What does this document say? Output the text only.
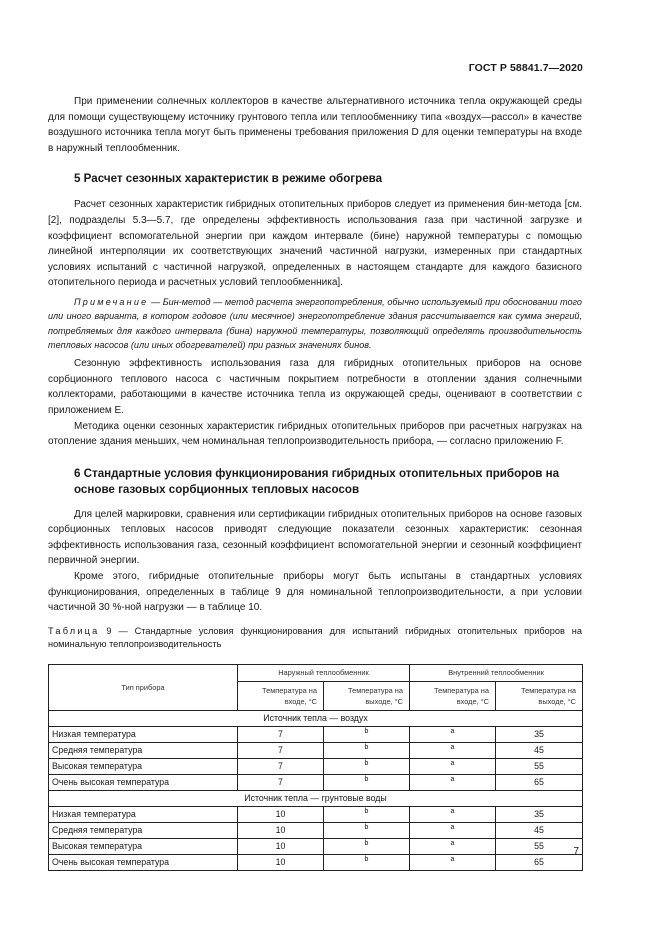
ГОСТ Р 58841.7—2020

При применении солнечных коллекторов в качестве альтернативного источника тепла окружающей среды для помощи существующему источнику грунтового тепла или теплообменнику типа «воздух—рассол» в качестве воздушного источника тепла могут быть применены требования приложения D для оценки температуры на входе в наружный теплообменник.

5 Расчет сезонных характеристик в режиме обогрева

Расчет сезонных характеристик гибридных отопительных приборов следует из применения бин-метода [см. [2], подразделы 5.3—5.7, где определены эффективность использования газа при частичной загрузке и коэффициент вспомогательной энергии при каждом интервале (бине) наружной температуры с помощью линейной интерполяции их соответствующих значений частичной нагрузки, измеренных при стандартных условиях испытаний с частичной нагрузкой, определенных в настоящем стандарте для каждого базисного отопительного периода и расчетных условий теплообменника].

Примечание — Бин-метод — метод расчета энергопотребления, обычно используемый при обосновании того или иного варианта, в котором годовое (или месячное) энергопотребление здания рассчитывается как сумма энергий, потребляемых для каждого интервала (бина) наружной температуры, позволяющий определять производительность тепловых насосов (или иных обогревателей) при разных значениях бинов.

Сезонную эффективность использования газа для гибридных отопительных приборов на основе сорбционного теплового насоса с частичным покрытием потребности в отоплении здания солнечными коллекторами, работающими в качестве источника тепла из окружающей среды, оценивают в соответствии с приложением Е.

Методика оценки сезонных характеристик гибридных отопительных приборов при расчетных нагрузках на отопление здания меньших, чем номинальная теплопроизводительность прибора, — согласно приложению F.

6 Стандартные условия функционирования гибридных отопительных приборов на основе газовых сорбционных тепловых насосов

Для целей маркировки, сравнения или сертификации гибридных отопительных приборов на основе газовых сорбционных тепловых насосов приводят следующие показатели сезонных характеристик: сезонная эффективность использования газа, сезонный коэффициент вспомогательной энергии и сезонный коэффициент первичной энергии.

Кроме этого, гибридные отопительные приборы могут быть испытаны в стандартных условиях функционирования, определенных в таблице 9 для номинальной теплопроизводительности, а при условии частичной 30 %-ной нагрузки — в таблице 10.

Таблица 9 — Стандартные условия функционирования для испытаний гибридных отопительных приборов на номинальную теплопроизводительность

Тип прибора	Наружный теплообменник		Внутренний теплообменник	
	Температура на входе, °С	Температура на выходе, °С	Температура на входе, °С	Температура на выходе, °С
Источник тепла — воздух				
Низкая температура	7	b	a	35
Средняя температура	7	b	a	45
Высокая температура	7	b	a	55
Очень высокая температура	7	b	a	65
Источник тепла — грунтовые воды				
Низкая температура	10	b	a	35
Средняя температура	10	b	a	45
Высокая температура	10	b	a	55
Очень высокая температура	10	b	a	65
7
